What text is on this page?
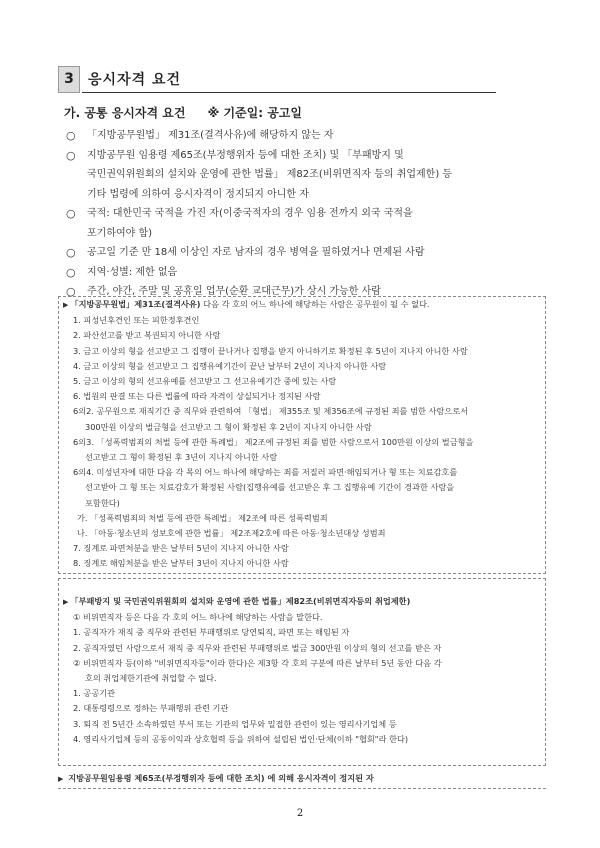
3	응시자격 요건
가. 공통 응시자격 요건 ※ 기준일: 공고일
○ 「지방공무원법」 제31조(결격사유)에 해당하지 않는 자
○ 지방공무원 임용령 제65조(부정행위자 등에 대한 조치) 및 「부패방지 및
국민권익위원회의 설치와 운영에 관한 법률」 제82조(비위면직자 등의 취업제한) 등
기타 법령에 의하여 응시자격이 정지되지 아니한 자
○ 국적: 대한민국 국적을 가진 자(이중국적자의 경우 임용 전까지 외국 국적을
포기하여야 함)
○ 공고일 기준 만 18세 이상인 자로 남자의 경우 병역을 필하였거나 면제된 사람
○ 지역·성별: 제한 없음
○ 주간, 야간, 주말 및 공휴일 업무(순환 교대근무)가 상시 가능한 사람
▶ 「지방공무원법」제31조(결격사유) 다음 각 호의 어느 하나에 해당하는 사람은 공무원이 될 수 없다.
1. 피성년후견인 또는 피한정후견인
2. 파산선고를 받고 복권되지 아니한 사람
3. 금고 이상의 형을 선고받고 그 집행이 끝나거나 집행을 받지 아니하기로 확정된 후 5년이 지나지 아니한 사람
4. 금고 이상의 형을 선고받고 그 집행유예기간이 끝난 날부터 2년이 지나지 아니한 사람
5. 금고 이상의 형의 선고유예를 선고받고 그 선고유예기간 중에 있는 사람
6. 법원의 판결 또는 다른 법률에 따라 자격이 상실되거나 정지된 사람
6의2. 공무원으로 재직기간 중 직무와 관련하여 「형법」 제355조 및 제356조에 규정된 죄를 범한 사람으로서
300만원 이상의 벌금형을 선고받고 그 형이 확정된 후 2년이 지나지 아니한 사람
6의3. 「성폭력범죄의 처벌 등에 관한 특례법」 제2조에 규정된 죄를 범한 사람으로서 100만원 이상의 벌금형을
선고받고 그 형이 확정된 후 3년이 지나지 아니한 사람
6의4. 미성년자에 대한 다음 각 목의 어느 하나에 해당하는 죄를 저질러 파면·해임되거나 형 또는 치료감호를
선고받아 그 형 또는 치료감호가 확정된 사람(집행유예를 선고받은 후 그 집행유예 기간이 경과한 사람을
포함한다)
가. 「성폭력범죄의 처벌 등에 관한 특례법」 제2조에 따른 성폭력범죄
나. 「아동·청소년의 성보호에 관한 법률」 제2조제2호에 따른 아동·청소년대상 성범죄
7. 징계로 파면처분을 받은 날부터 5년이 지나지 아니한 사람
8. 징계로 해임처분을 받은 날부터 3년이 지나지 아니한 사람
▶ 「부패방지 및 국민권익위원회의 설치와 운영에 관한 법률」제82조(비위면직자등의 취업제한)
① 비위면직자 등은 다음 각 호의 어느 하나에 해당하는 사람을 말한다.
1. 공직자가 재직 중 직무와 관련된 부패행위로 당연퇴직, 파면 또는 해임된 자
2. 공직자였던 사람으로서 재직 중 직무와 관련된 부패행위로 벌금 300만원 이상의 형의 선고를 받은 자
② 비위면직자 등(이하 "비위면직자등"이라 한다)은 제3항 각 호의 구분에 따른 날부터 5년 동안 다음 각
호의 취업제한기관에 취업할 수 없다.
1. 공공기관
2. 대통령령으로 정하는 부패행위 관련 기관
3. 퇴직 전 5년간 소속하였던 부서 또는 기관의 업무와 밀접한 관련이 있는 영리사기업체 등
4. 영리사기업체 등의 공동이익과 상호협력 등을 위하여 설립된 법인·단체(이하 "협회"라 한다)
▶ 지방공무원임용령 제65조(부정행위자 등에 대한 조치) 에 의해 응시자격이 정지된 자
2
